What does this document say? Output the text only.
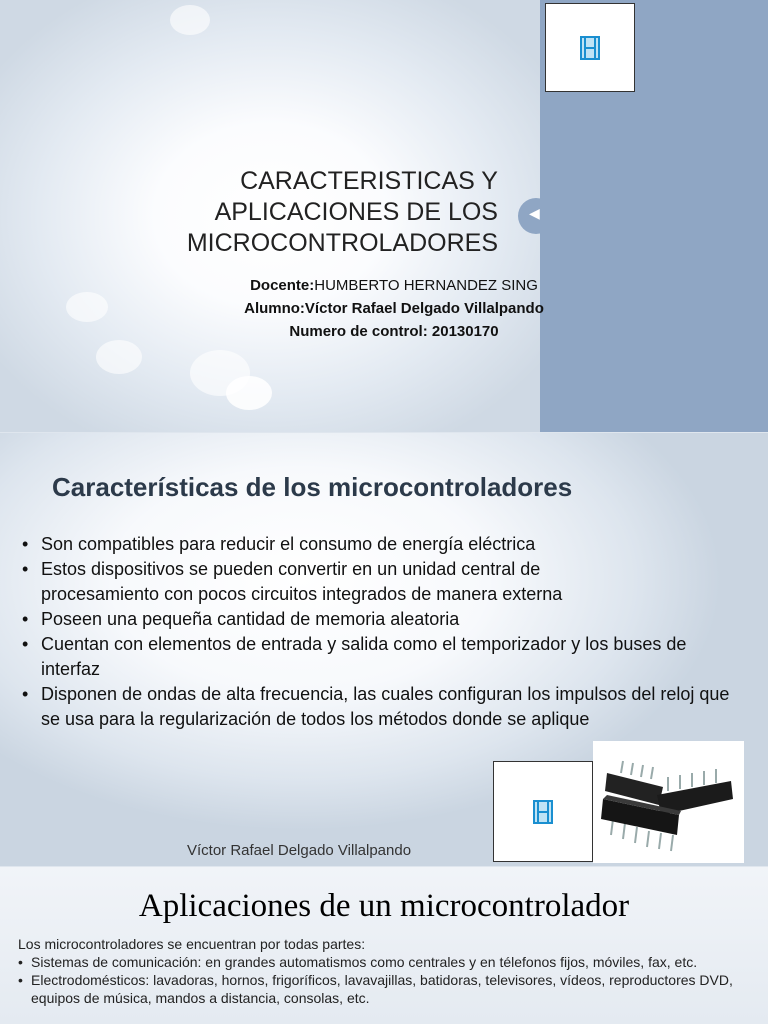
◀
CARACTERISTICAS Y
APLICACIONES DE LOS
MICROCONTROLADORES
Docente:HUMBERTO HERNANDEZ SING
Alumno:Víctor Rafael Delgado Villalpando
Numero de control: 20130170
Características de los microcontroladores
• Son compatibles para reducir el consumo de energía eléctrica
• Estos dispositivos se pueden convertir en un unidad central de procesamiento con pocos circuitos integrados de manera externa
• Poseen una pequeña cantidad de memoria aleatoria
• Cuentan con elementos de entrada y salida como el temporizador y los buses de interfaz
• Disponen de ondas de alta frecuencia, las cuales configuran los impulsos del reloj que se usa para la regularización de todos los métodos donde se aplique
Víctor Rafael Delgado Villalpando
Aplicaciones de un microcontrolador
Los microcontroladores se encuentran por todas partes:
• Sistemas de comunicación: en grandes automatismos como centrales y en télefonos fijos, móviles, fax, etc.
• Electrodomésticos: lavadoras, hornos, frigoríficos, lavavajillas, batidoras, televisores, vídeos, reproductores DVD, equipos de música, mandos a distancia, consolas, etc.
